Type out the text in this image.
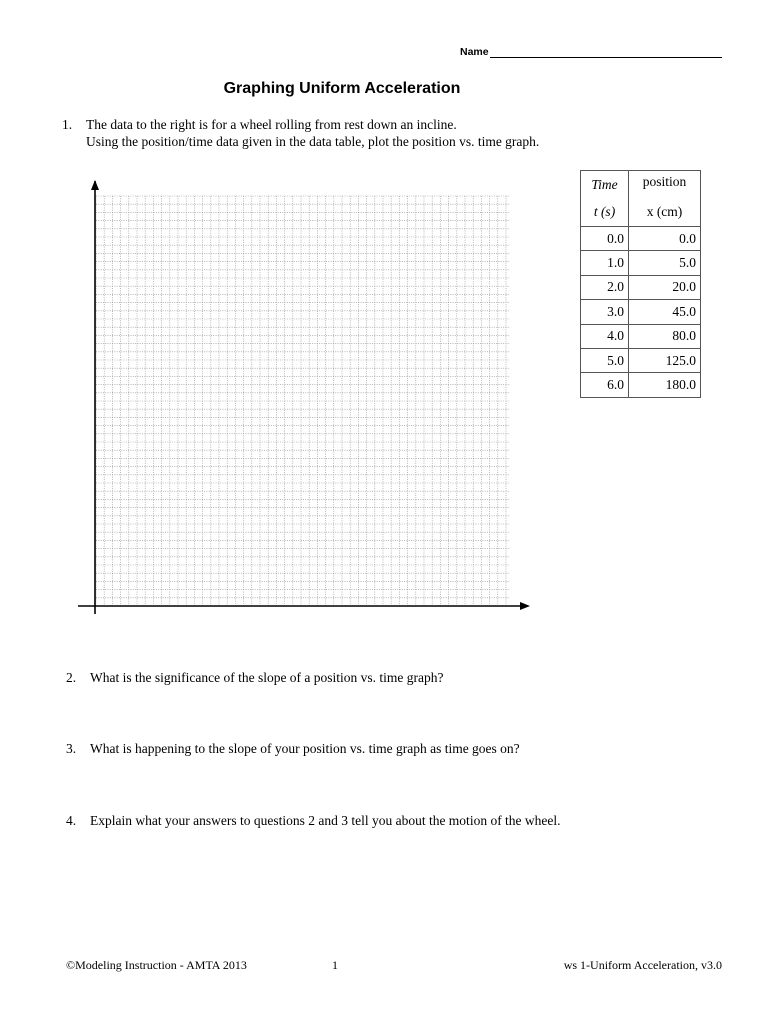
Name
Graphing Uniform Acceleration
1. The data to the right is for a wheel rolling from rest down an incline.
Using the position/time data given in the data table, plot the position vs. time graph.
Time	position
t (s)	x (cm)
0.0	0.0
1.0	5.0
2.0	20.0
3.0	45.0
4.0	80.0
5.0	125.0
6.0	180.0
2. What is the significance of the slope of a position vs. time graph?
3. What is happening to the slope of your position vs. time graph as time goes on?
4. Explain what your answers to questions 2 and 3 tell you about the motion of the wheel.
©Modeling Instruction - AMTA 2013	1	ws 1-Uniform Acceleration, v3.0
